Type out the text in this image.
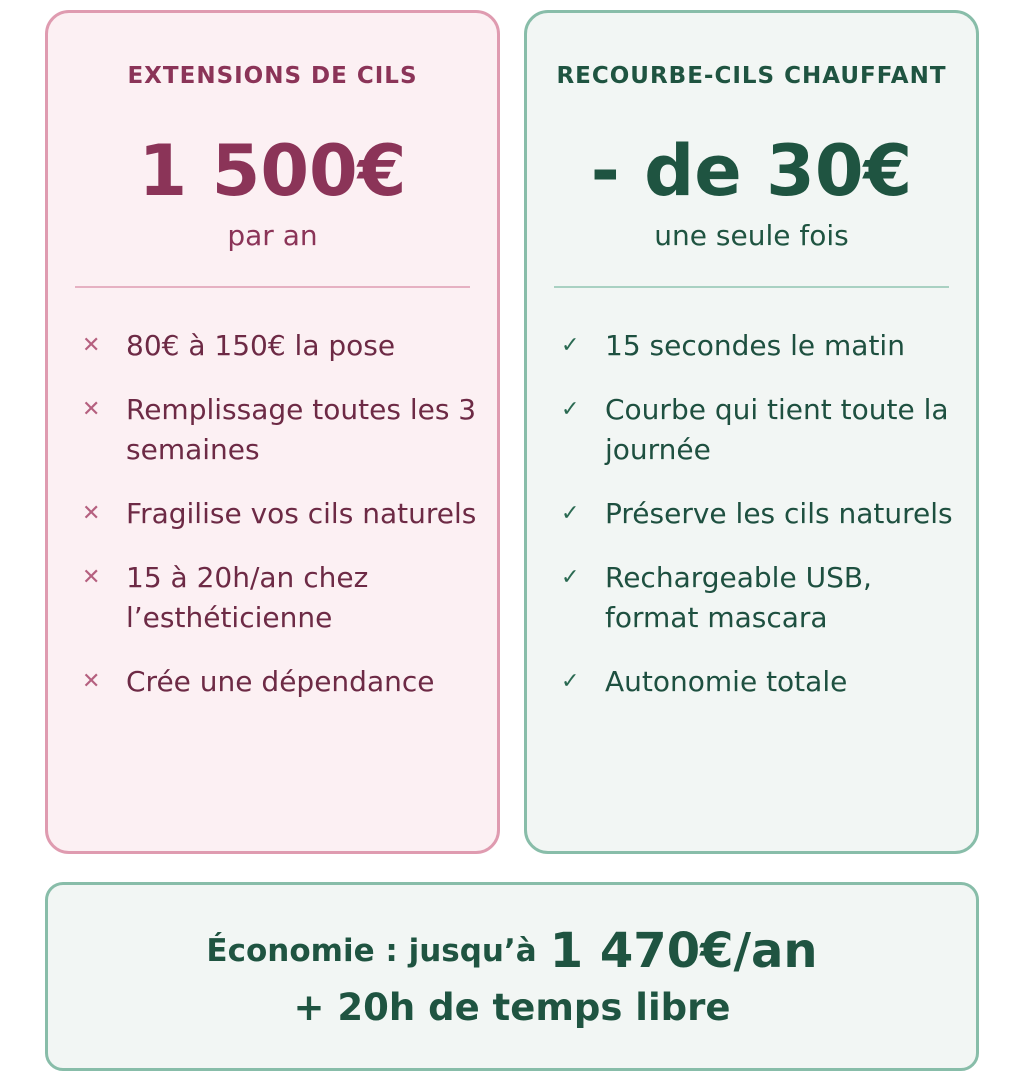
EXTENSIONS DE CILS
1 500€
par an
✕ 80€ à 150€ la pose
✕ Remplissage toutes les 3 semaines
✕ Fragilise vos cils naturels
✕ 15 à 20h/an chez l’esthéticienne
✕ Crée une dépendance
RECOURBE-CILS CHAUFFANT
- de 30€
une seule fois
✓ 15 secondes le matin
✓ Courbe qui tient toute la journée
✓ Préserve les cils naturels
✓ Rechargeable USB, format mascara
✓ Autonomie totale
Économie : jusqu’à 1 470€/an
+ 20h de temps libre
